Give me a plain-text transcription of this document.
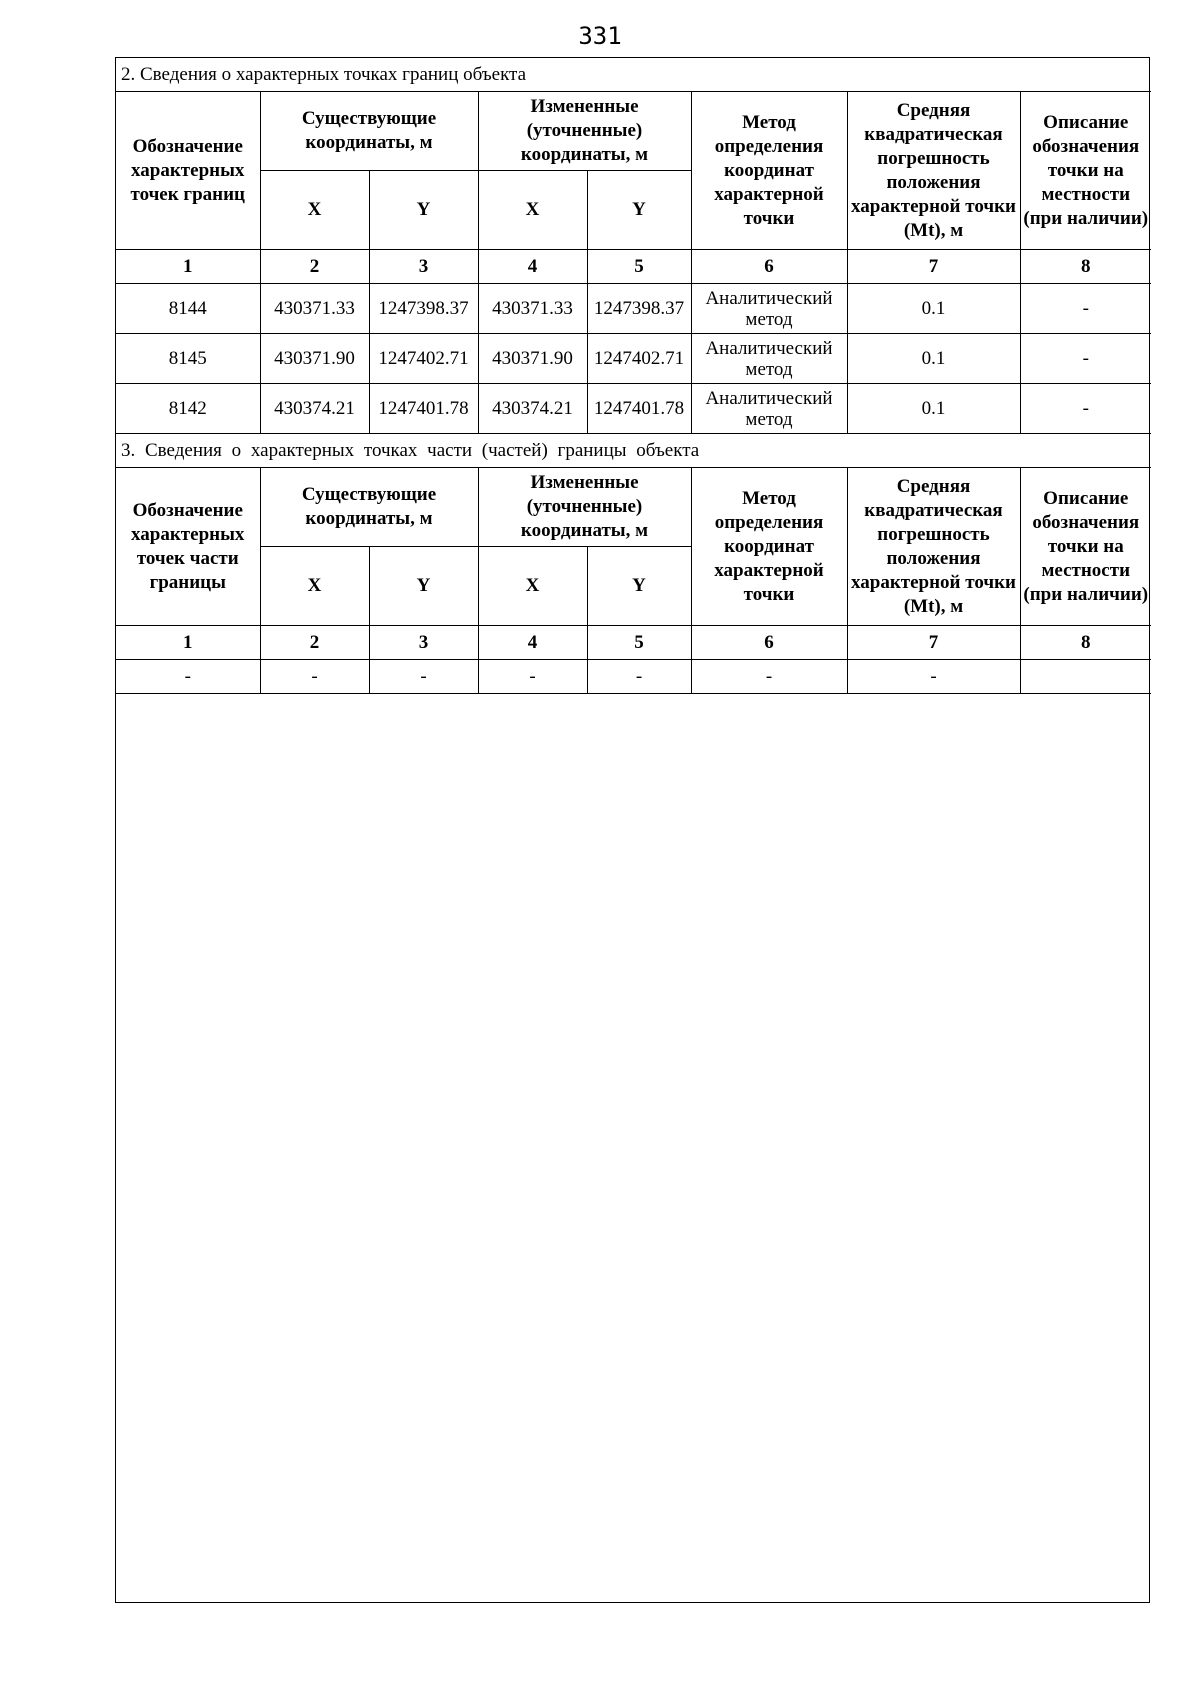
331
2. Сведения о характерных точках границ объекта							
Обозначение характерных точек границ	Существующие координаты, м		Измененные (уточненные) координаты, м		Метод определения координат характерной точки	Средняя квадратическая погрешность положения характерной точки (Mt), м	Описание обозначения точки на местности (при наличии)
	X	Y	X	Y			
1	2	3	4	5	6	7	8
8144	430371.33	1247398.37	430371.33	1247398.37	Аналитический метод	0.1	-
8145	430371.90	1247402.71	430371.90	1247402.71	Аналитический метод	0.1	-
8142	430374.21	1247401.78	430374.21	1247401.78	Аналитический метод	0.1	-
3. Сведения о характерных точках части (частей) границы объекта							
Обозначение характерных точек части границы	Существующие координаты, м		Измененные (уточненные) координаты, м		Метод определения координат характерной точки	Средняя квадратическая погрешность положения характерной точки (Mt), м	Описание обозначения точки на местности (при наличии)
	X	Y	X	Y			
1	2	3	4	5	6	7	8
-	-	-	-	-	-	-	
